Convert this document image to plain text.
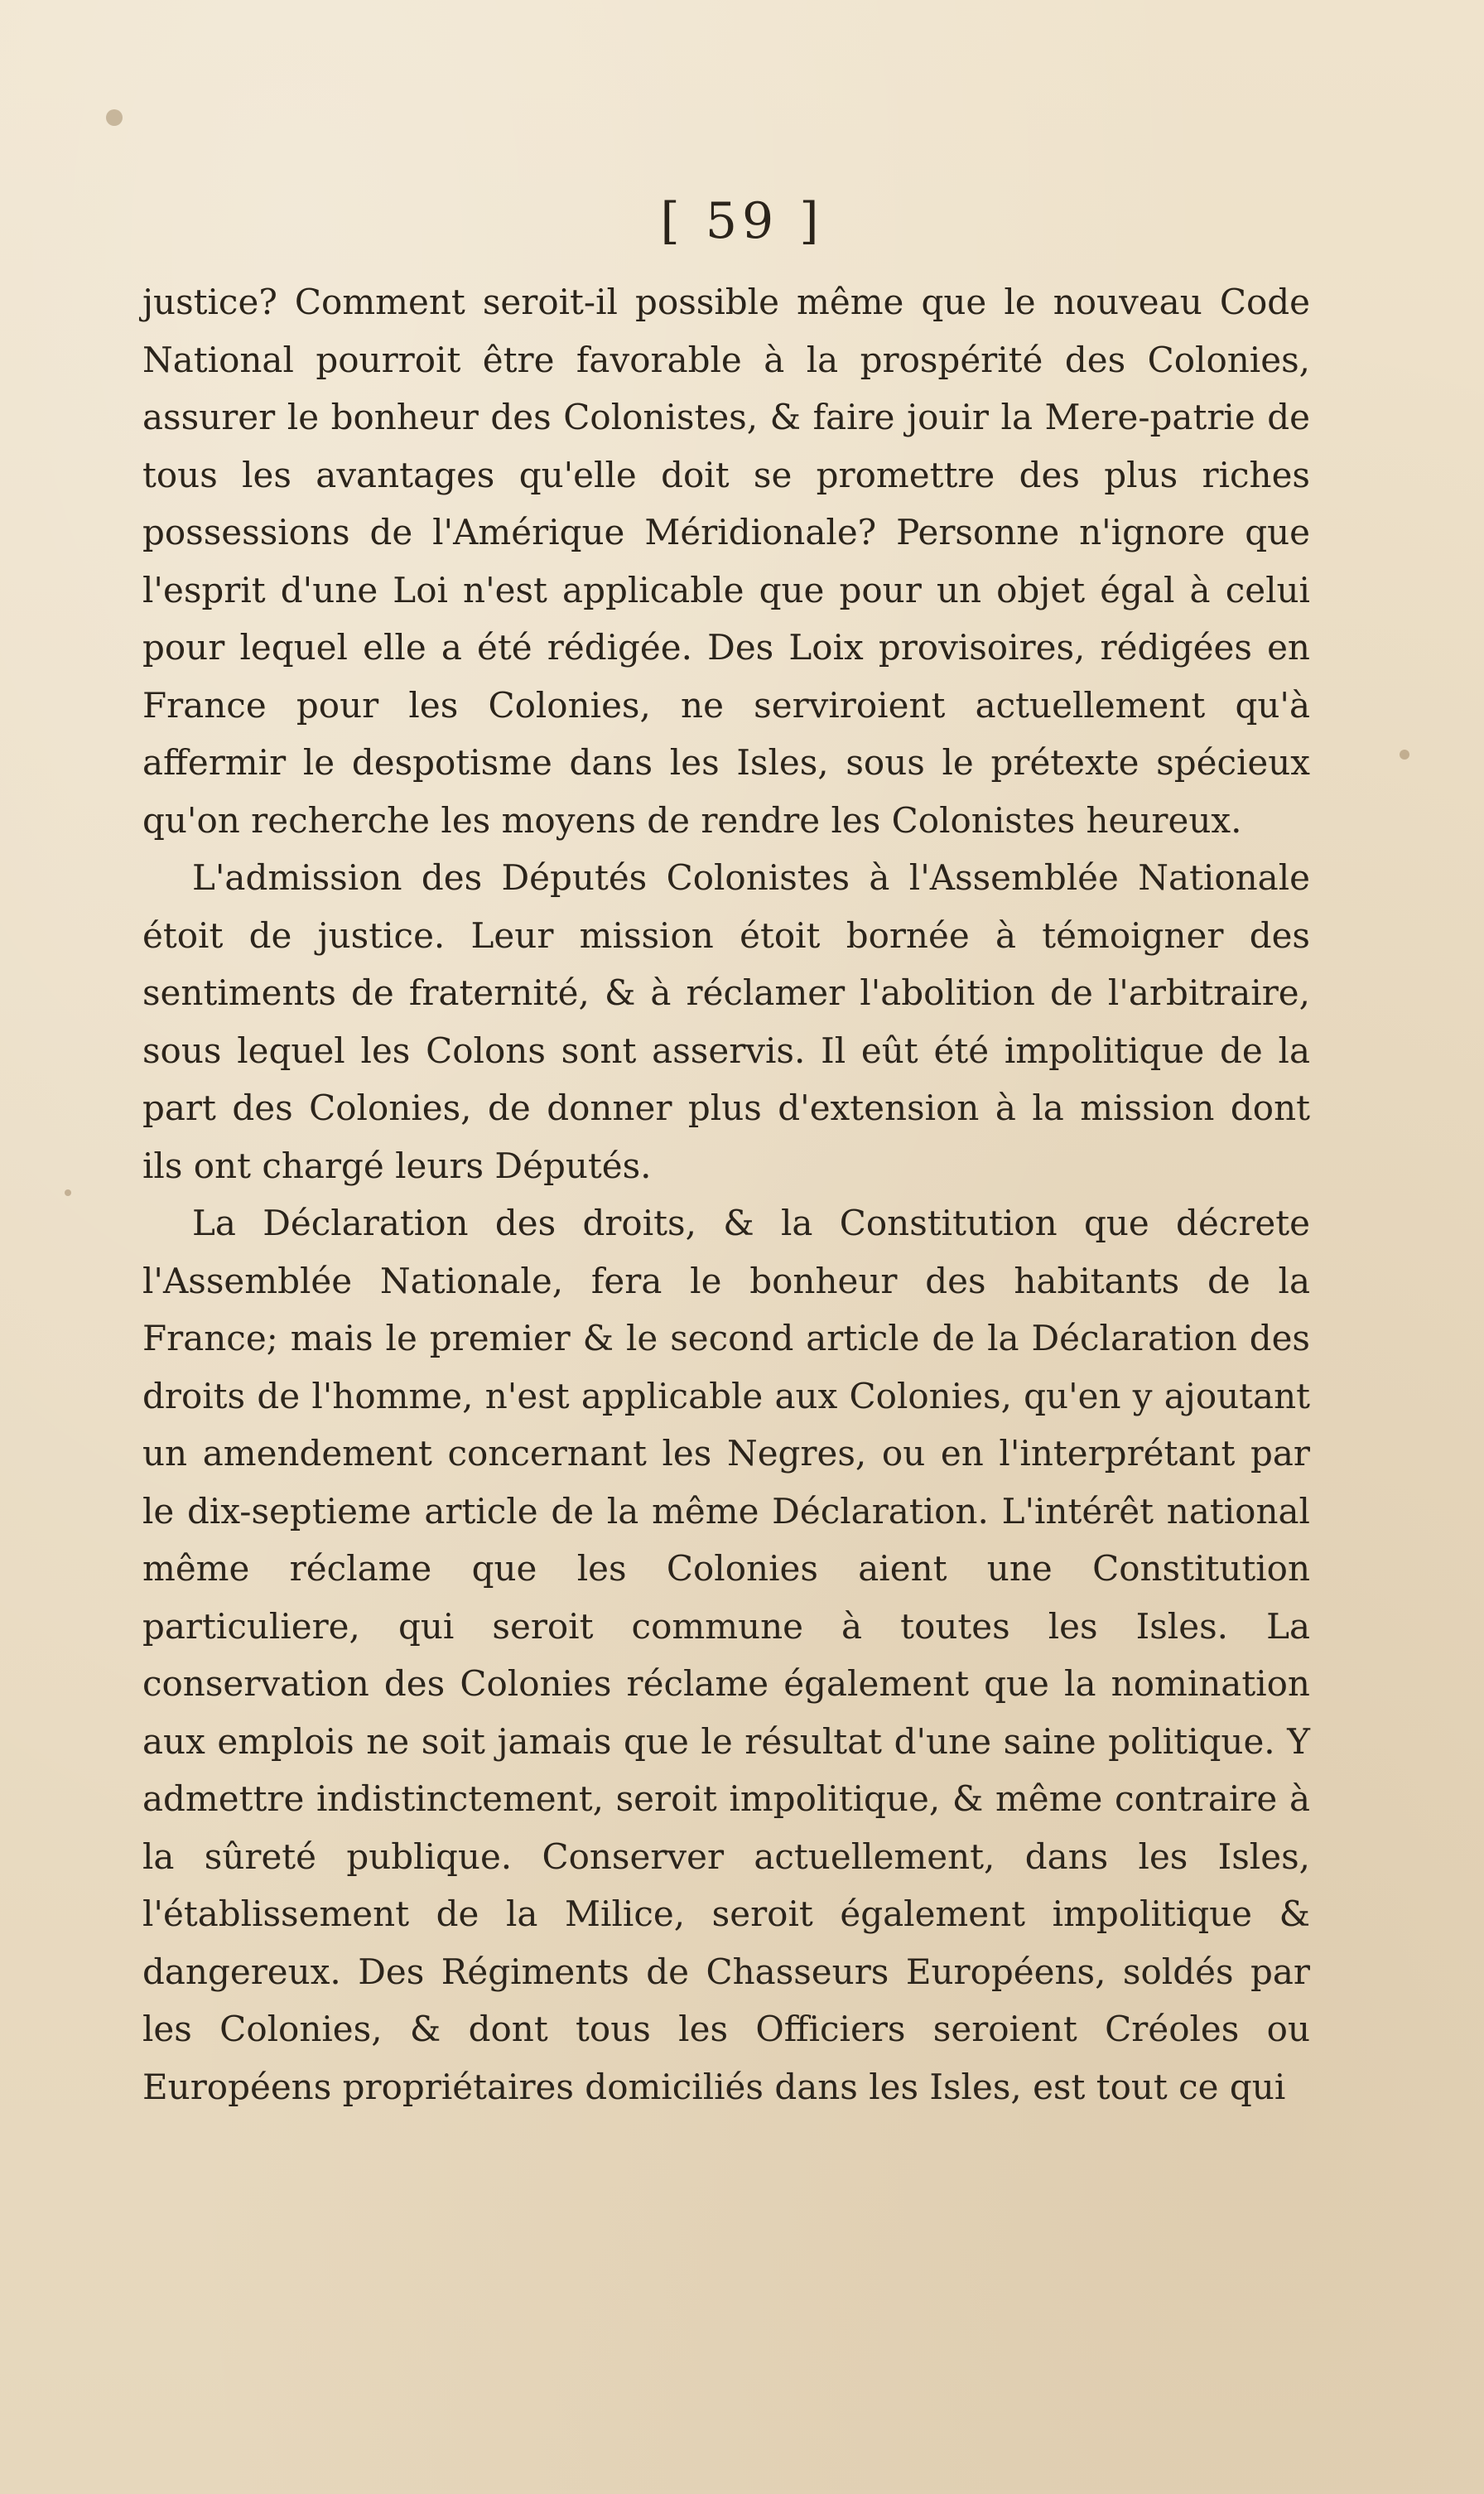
[ 59 ]

justice? Comment seroit-il possible même que le nouveau Code National pourroit être favorable à la prospérité des Colonies, assurer le bonheur des Colonistes, & faire jouir la Mere-patrie de tous les avantages qu'elle doit se promettre des plus riches possessions de l'Amérique Méridionale? Personne n'ignore que l'esprit d'une Loi n'est applicable que pour un objet égal à celui pour lequel elle a été rédigée. Des Loix provisoires, rédigées en France pour les Colonies, ne serviroient actuellement qu'à affermir le despotisme dans les Isles, sous le prétexte spécieux qu'on recherche les moyens de rendre les Colonistes heureux.

L'admission des Députés Colonistes à l'Assemblée Nationale étoit de justice. Leur mission étoit bornée à témoigner des sentiments de fraternité, & à réclamer l'abolition de l'arbitraire, sous lequel les Colons sont asservis. Il eût été impolitique de la part des Colonies, de donner plus d'extension à la mission dont ils ont chargé leurs Députés.

La Déclaration des droits, & la Constitution que décrete l'Assemblée Nationale, fera le bonheur des habitants de la France; mais le premier & le second article de la Déclaration des droits de l'homme, n'est applicable aux Colonies, qu'en y ajoutant un amendement concernant les Negres, ou en l'interprétant par le dix-septieme article de la même Déclaration. L'intérêt national même réclame que les Colonies aient une Constitution particuliere, qui seroit commune à toutes les Isles. La conservation des Colonies réclame également que la nomination aux emplois ne soit jamais que le résultat d'une saine politique. Y admettre indistinctement, seroit impolitique, & même contraire à la sûreté publique. Conserver actuellement, dans les Isles, l'établissement de la Milice, seroit également impolitique & dangereux. Des Régiments de Chasseurs Européens, soldés par les Colonies, & dont tous les Officiers seroient Créoles ou Européens propriétaires domiciliés dans les Isles, est tout ce qui
